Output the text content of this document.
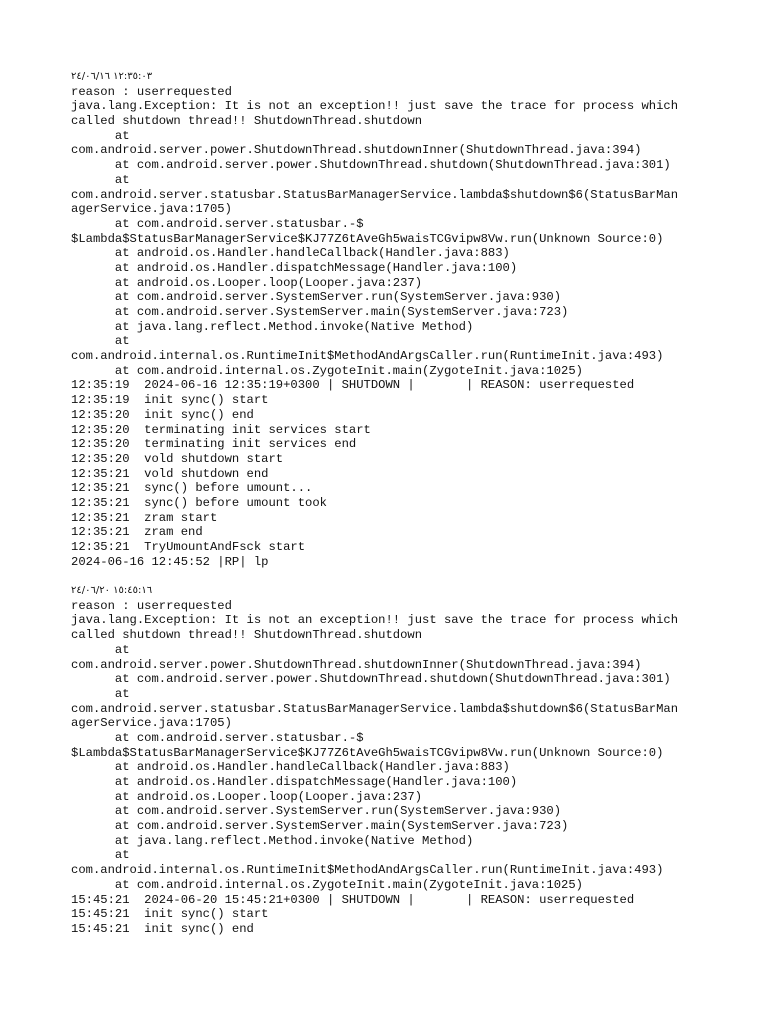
١٢:٣٥:٠٣ ٢٤/٠٦/١٦
reason : userrequested
java.lang.Exception: It is not an exception!! just save the trace for process which
called shutdown thread!! ShutdownThread.shutdown
at
com.android.server.power.ShutdownThread.shutdownInner(ShutdownThread.java:394)
at com.android.server.power.ShutdownThread.shutdown(ShutdownThread.java:301)
at
com.android.server.statusbar.StatusBarManagerService.lambda$shutdown$6(StatusBarMan
agerService.java:1705)
at com.android.server.statusbar.-$
$Lambda$StatusBarManagerService$KJ77Z6tAveGh5waisTCGvipw8Vw.run(Unknown Source:0)
at android.os.Handler.handleCallback(Handler.java:883)
at android.os.Handler.dispatchMessage(Handler.java:100)
at android.os.Looper.loop(Looper.java:237)
at com.android.server.SystemServer.run(SystemServer.java:930)
at com.android.server.SystemServer.main(SystemServer.java:723)
at java.lang.reflect.Method.invoke(Native Method)
at
com.android.internal.os.RuntimeInit$MethodAndArgsCaller.run(RuntimeInit.java:493)
at com.android.internal.os.ZygoteInit.main(ZygoteInit.java:1025)
12:35:19  2024-06-16 12:35:19+0300 | SHUTDOWN |       | REASON: userrequested
12:35:19  init sync() start
12:35:20  init sync() end
12:35:20  terminating init services start
12:35:20  terminating init services end
12:35:20  vold shutdown start
12:35:21  vold shutdown end
12:35:21  sync() before umount...
12:35:21  sync() before umount took
12:35:21  zram start
12:35:21  zram end
12:35:21  TryUmountAndFsck start
2024-06-16 12:45:52 |RP| lp
١٥:٤٥:١٦ ٢٤/٠٦/٢٠
reason : userrequested
java.lang.Exception: It is not an exception!! just save the trace for process which
called shutdown thread!! ShutdownThread.shutdown
at
com.android.server.power.ShutdownThread.shutdownInner(ShutdownThread.java:394)
at com.android.server.power.ShutdownThread.shutdown(ShutdownThread.java:301)
at
com.android.server.statusbar.StatusBarManagerService.lambda$shutdown$6(StatusBarMan
agerService.java:1705)
at com.android.server.statusbar.-$
$Lambda$StatusBarManagerService$KJ77Z6tAveGh5waisTCGvipw8Vw.run(Unknown Source:0)
at android.os.Handler.handleCallback(Handler.java:883)
at android.os.Handler.dispatchMessage(Handler.java:100)
at android.os.Looper.loop(Looper.java:237)
at com.android.server.SystemServer.run(SystemServer.java:930)
at com.android.server.SystemServer.main(SystemServer.java:723)
at java.lang.reflect.Method.invoke(Native Method)
at
com.android.internal.os.RuntimeInit$MethodAndArgsCaller.run(RuntimeInit.java:493)
at com.android.internal.os.ZygoteInit.main(ZygoteInit.java:1025)
15:45:21  2024-06-20 15:45:21+0300 | SHUTDOWN |       | REASON: userrequested
15:45:21  init sync() start
15:45:21  init sync() end
